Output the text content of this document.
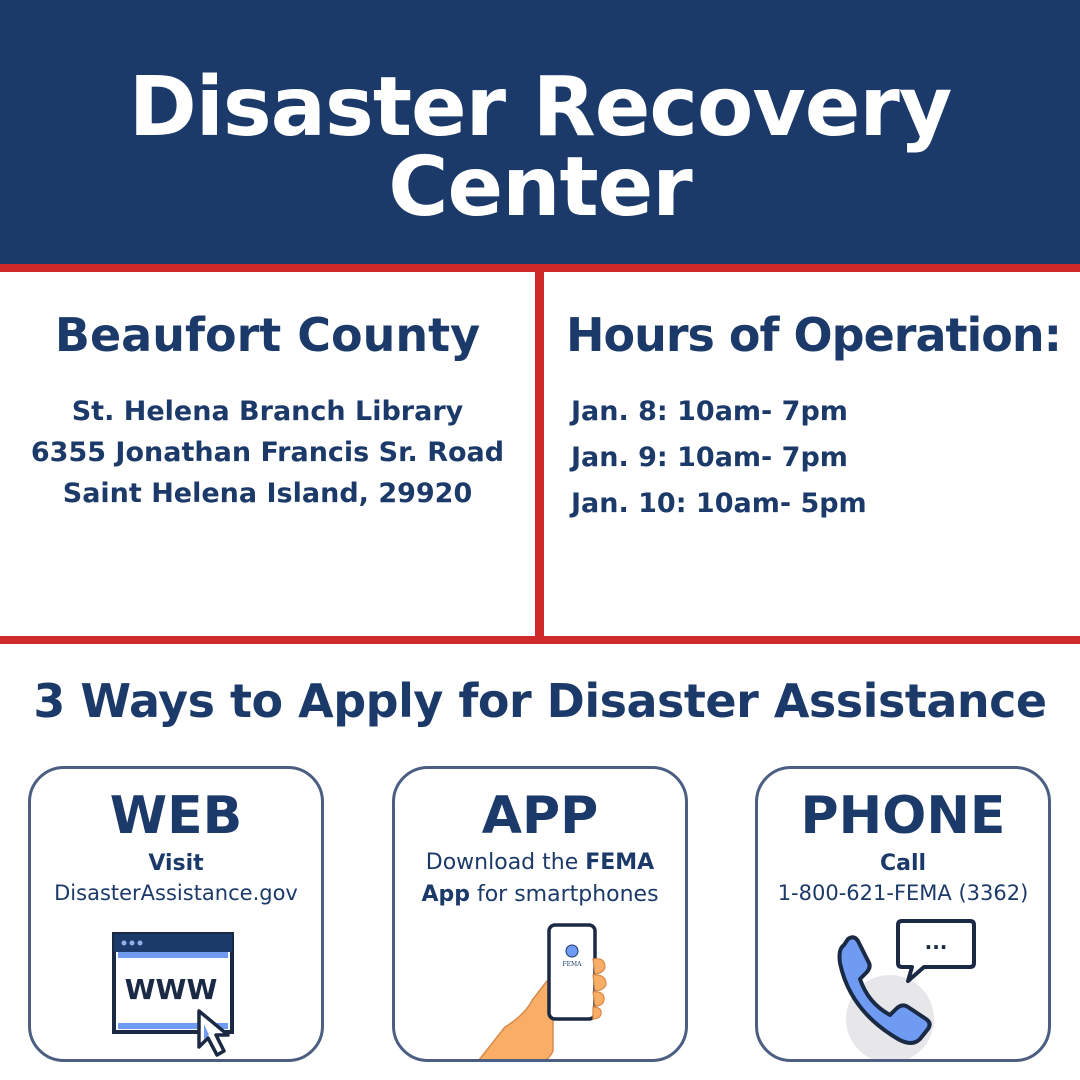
Disaster Recovery
Center
Beaufort County
St. Helena Branch Library
6355 Jonathan Francis Sr. Road
Saint Helena Island, 29920
Hours of Operation:
Jan. 8: 10am- 7pm
Jan. 9: 10am- 7pm
Jan. 10: 10am- 5pm
3 Ways to Apply for Disaster Assistance
WEB
Visit
DisasterAssistance.gov
WWW
APP
Download the FEMA
App for smartphones
FEMA
PHONE
Call
1-800-621-FEMA (3362)
...
